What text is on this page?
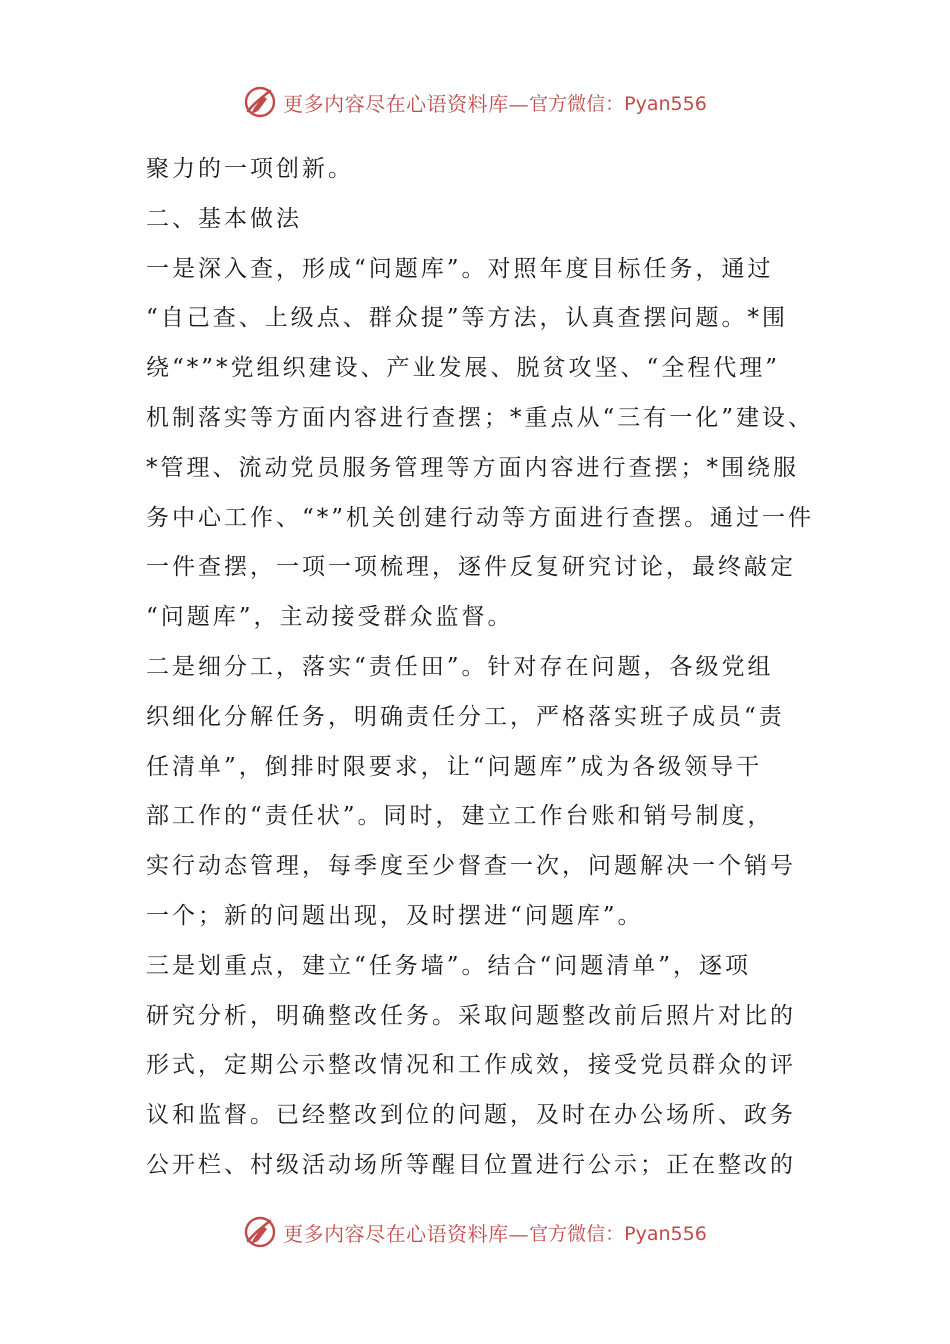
更多内容尽在心语资料库— 官方微信：Pyan556
聚力的一项创新。
二、基本做法
一是深入查，形成“问题库”。对照年度目标任务，通过
“自己查、上级点、群众提”等方法，认真查摆问题。*围
绕“*”*党组织建设、产业发展、脱贫攻坚、“全程代理”
机制落实等方面内容进行查摆；*重点从“三有一化”建设、
*管理、流动党员服务管理等方面内容进行查摆；*围绕服
务中心工作、“*”机关创建行动等方面进行查摆。通过一件
一件查摆，一项一项梳理，逐件反复研究讨论，最终敲定
“问题库”，主动接受群众监督。
二是细分工，落实“责任田”。针对存在问题，各级党组
织细化分解任务，明确责任分工，严格落实班子成员“责
任清单”，倒排时限要求，让“问题库”成为各级领导干
部工作的“责任状”。同时，建立工作台账和销号制度，
实行动态管理，每季度至少督查一次，问题解决一个销号
一个；新的问题出现，及时摆进“问题库”。
三是划重点，建立“任务墙”。结合“问题清单”，逐项
研究分析，明确整改任务。采取问题整改前后照片对比的
形式，定期公示整改情况和工作成效，接受党员群众的评
议和监督。已经整改到位的问题，及时在办公场所、政务
公开栏、村级活动场所等醒目位置进行公示；正在整改的
更多内容尽在心语资料库— 官方微信：Pyan556
